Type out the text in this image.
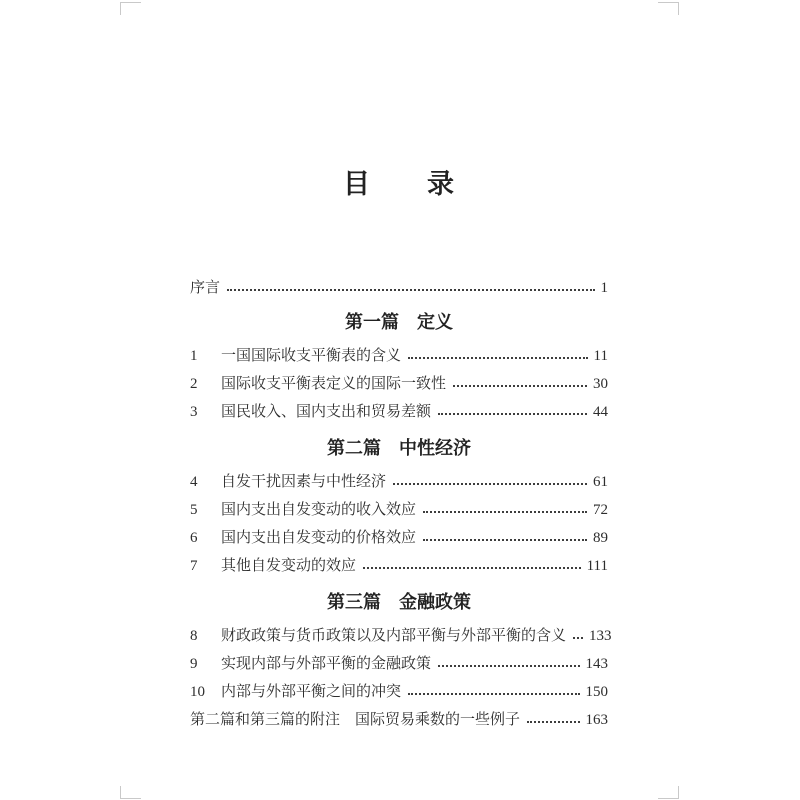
目　　录
序言	1
第一篇　定义
1	一国国际收支平衡表的含义	11
2	国际收支平衡表定义的国际一致性	30
3	国民收入、国内支出和贸易差额	44
第二篇　中性经济
4	自发干扰因素与中性经济	61
5	国内支出自发变动的收入效应	72
6	国内支出自发变动的价格效应	89
7	其他自发变动的效应	111
第三篇　金融政策
8	财政政策与货币政策以及内部平衡与外部平衡的含义 133
9	实现内部与外部平衡的金融政策	143
10 内部与外部平衡之间的冲突	150
第二篇和第三篇的附注　国际贸易乘数的一些例子	163
